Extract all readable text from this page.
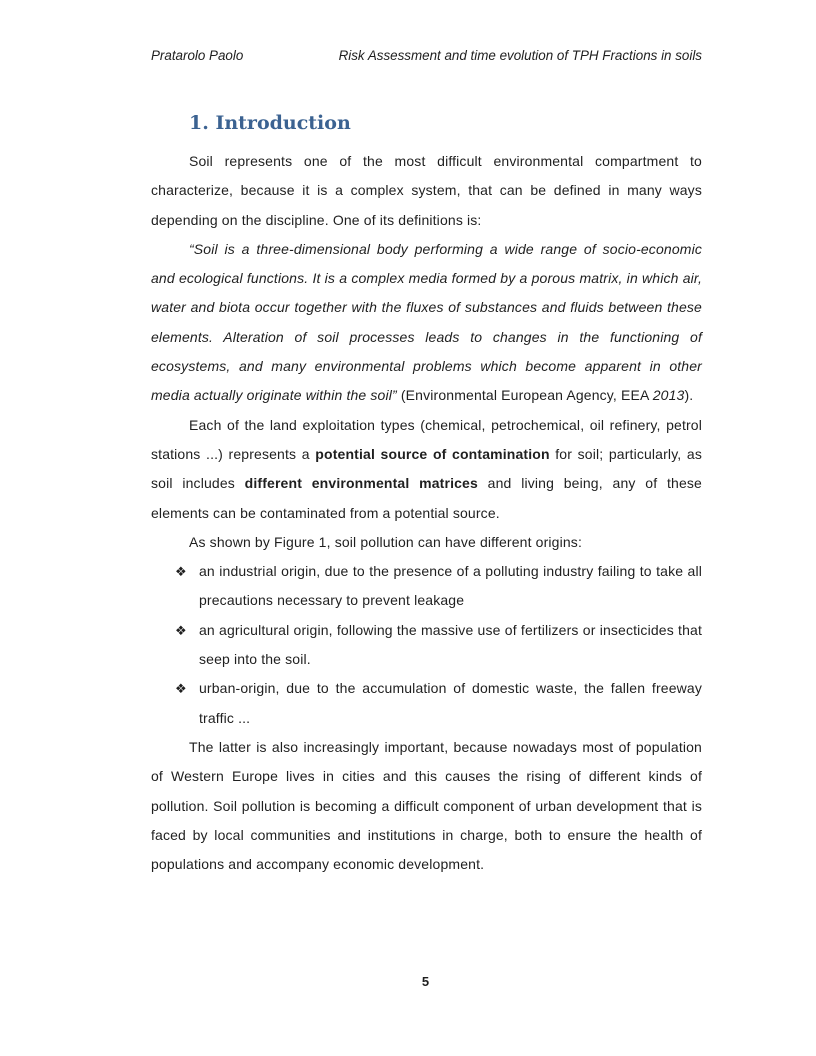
Pratarolo Paolo	Risk Assessment and time evolution of TPH Fractions in soils
1. Introduction

Soil represents one of the most difficult environmental compartment to characterize, because it is a complex system, that can be defined in many ways depending on the discipline. One of its definitions is:

“Soil is a three-dimensional body performing a wide range of socio-economic and ecological functions. It is a complex media formed by a porous matrix, in which air, water and biota occur together with the fluxes of substances and fluids between these elements. Alteration of soil processes leads to changes in the functioning of ecosystems, and many environmental problems which become apparent in other media actually originate within the soil” (Environmental European Agency, EEA 2013).

Each of the land exploitation types (chemical, petrochemical, oil refinery, petrol stations ...) represents a potential source of contamination for soil; particularly, as soil includes different environmental matrices and living being, any of these elements can be contaminated from a potential source.

As shown by Figure 1, soil pollution can have different origins:

❖ an industrial origin, due to the presence of a polluting industry failing to take all precautions necessary to prevent leakage
❖ an agricultural origin, following the massive use of fertilizers or insecticides that seep into the soil.
❖ urban-origin, due to the accumulation of domestic waste, the fallen freeway traffic ...

The latter is also increasingly important, because nowadays most of population of Western Europe lives in cities and this causes the rising of different kinds of pollution. Soil pollution is becoming a difficult component of urban development that is faced by local communities and institutions in charge, both to ensure the health of populations and accompany economic development.

5
